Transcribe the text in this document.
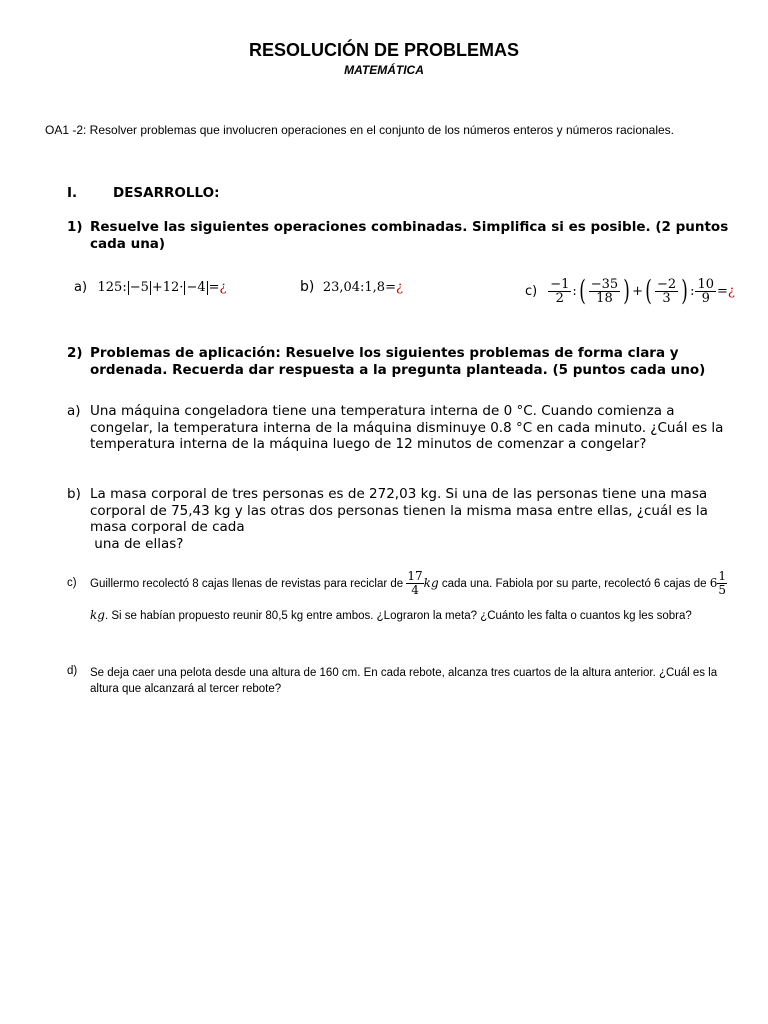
RESOLUCIÓN DE PROBLEMAS
MATEMÁTICA
OA1 -2: Resolver problemas que involucren operaciones en el conjunto de los números enteros y números racionales.
I.	DESARROLLO:
1) Resuelve las siguientes operaciones combinadas. Simplifica si es posible. (2 puntos cada una)
a) 125: −5 +12· −4 =¿	b) 23,04:1,8=¿	$c) \frac{-1}{2}$ : ( $\frac{-35}{18}$ ) + ( $\frac{-2}{3}$ ) : $\frac{10}{9}$ = ¿
2) Problemas de aplicación: Resuelve los siguientes problemas de forma clara y ordenada. Recuerda dar respuesta a la pregunta planteada. (5 puntos cada uno)
a) Una máquina congeladora tiene una temperatura interna de 0 °C. Cuando comienza a congelar, la temperatura interna de la máquina disminuye 0.8 °C en cada minuto. ¿Cuál es la temperatura interna de la máquina luego de 12 minutos de comenzar a congelar?
b) La masa corporal de tres personas es de 272,03 kg. Si una de las personas tiene una masa corporal de 75,43 kg y las otras dos personas tienen la misma masa entre ellas, ¿cuál es la masa corporal de cada
una de ellas?
c) Guillermo recolectó 8 cajas llenas de revistas para reciclar de $\frac{17}{4}$ kg cada una. Fabiola por su parte, recolectó 6 cajas de $6 \frac{1}{5}$
kg. Si se habían propuesto reunir 80,5 kg entre ambos. ¿Lograron la meta? ¿Cuánto les falta o cuantos kg les sobra?
d) Se deja caer una pelota desde una altura de 160 cm. En cada rebote, alcanza tres cuartos de la altura anterior. ¿Cuál es la altura que alcanzará al tercer rebote?
